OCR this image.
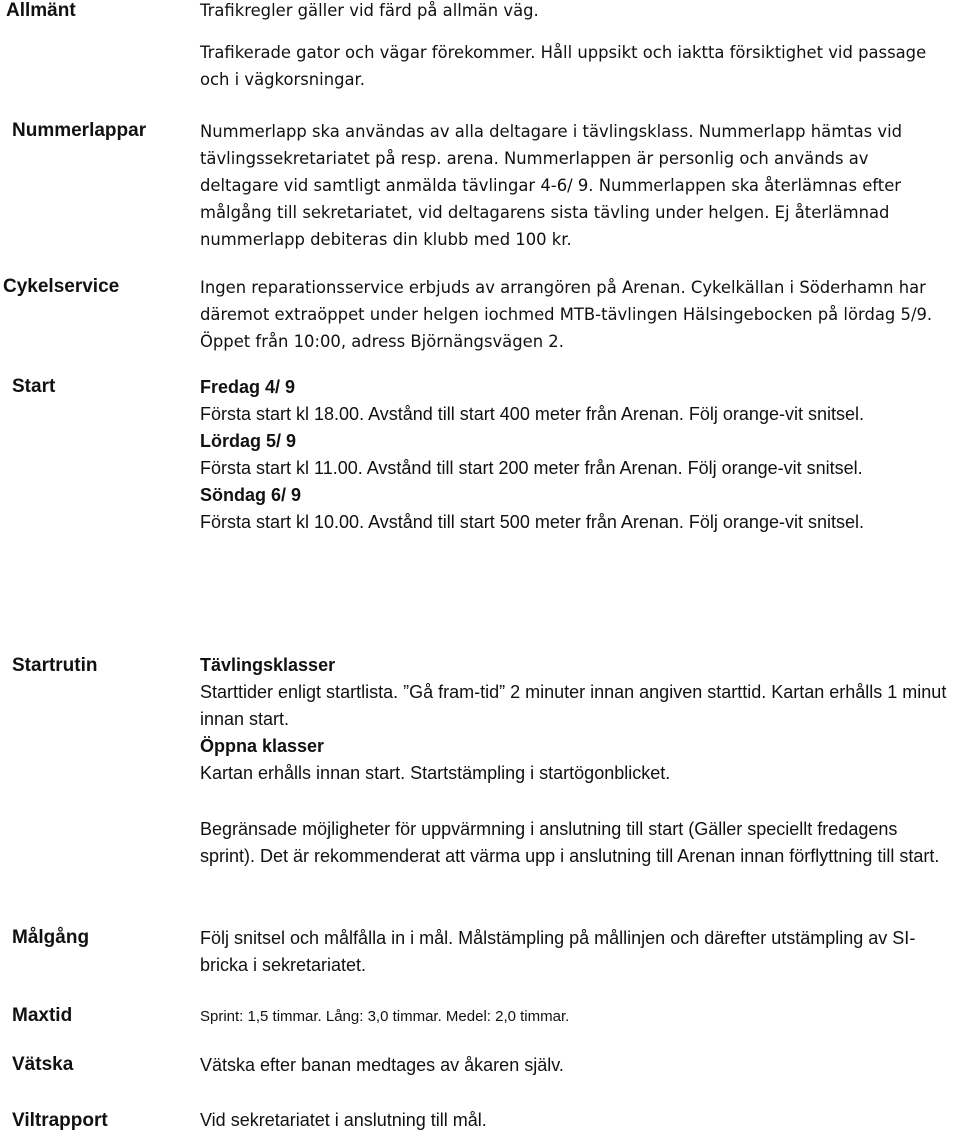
Allmänt	Trafikregler gäller vid färd på allmän väg.

Trafikerade gator och vägar förekommer. Håll uppsikt och iaktta försiktighet vid passage och i vägkorsningar.

Nummerlappar	Nummerlapp ska användas av alla deltagare i tävlingsklass. Nummerlapp hämtas vid tävlingssekretariatet på resp. arena. Nummerlappen är personlig och används av deltagare vid samtligt anmälda tävlingar 4-6/ 9. Nummerlappen ska återlämnas efter målgång till sekretariatet, vid deltagarens sista tävling under helgen. Ej återlämnad nummerlapp debiteras din klubb med 100 kr.

Cykelservice	Ingen reparationsservice erbjuds av arrangören på Arenan. Cykelkällan i Söderhamn har däremot extraöppet under helgen iochmed MTB-tävlingen Hälsingebocken på lördag 5/9. Öppet från 10:00, adress Björnängsvägen 2.

Start	Fredag 4/ 9

Första start kl 18.00. Avstånd till start 400 meter från Arenan. Följ orange-vit snitsel.

Lördag 5/ 9

Första start kl 11.00. Avstånd till start 200 meter från Arenan. Följ orange-vit snitsel.

Söndag 6/ 9

Första start kl 10.00. Avstånd till start 500 meter från Arenan. Följ orange-vit snitsel.

Startrutin	Tävlingsklasser

Starttider enligt startlista. ”Gå fram-tid” 2 minuter innan angiven starttid. Kartan erhålls 1 minut innan start.

Öppna klasser

Kartan erhålls innan start. Startstämpling i startögonblicket.

Begränsade möjligheter för uppvärmning i anslutning till start (Gäller speciellt fredagens sprint). Det är rekommenderat att värma upp i anslutning till Arenan innan förflyttning till start.

Målgång	Följ snitsel och målfålla in i mål. Målstämpling på mållinjen och därefter utstämpling av SI-bricka i sekretariatet.

Maxtid	Sprint: 1,5 timmar. Lång: 3,0 timmar. Medel: 2,0 timmar.

Vätska	Vätska efter banan medtages av åkaren själv.

Viltrapport	Vid sekretariatet i anslutning till mål.
